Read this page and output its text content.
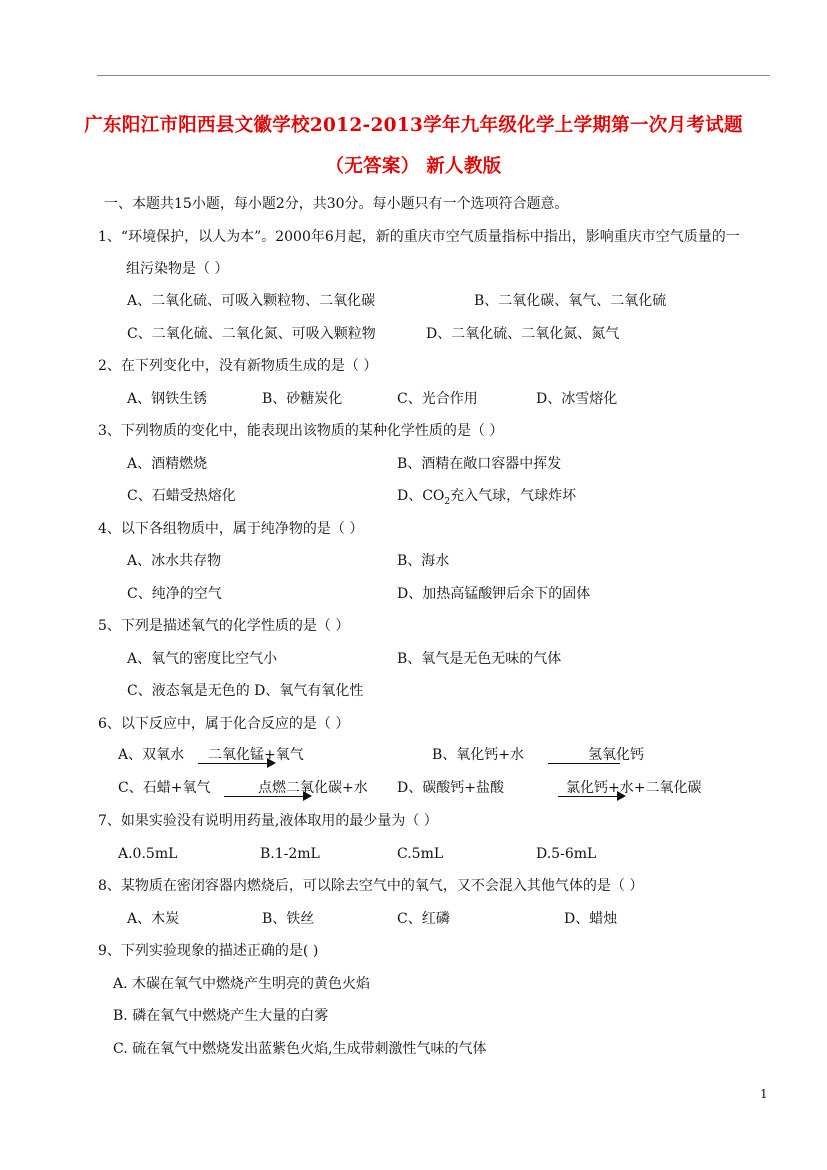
广东阳江市阳西县文徽学校2012-2013学年九年级化学上学期第一次月考试题
（无答案） 新人教版
一、本题共15小题，每小题2分，共30分。每小题只有一个选项符合题意。
1、“环境保护，以人为本”。2000年6月起，新的重庆市空气质量指标中指出，影响重庆市空气质量的一
组污染物是（ ）
A、二氧化硫、可吸入颗粒物、二氧化碳	B、二氧化碳、氧气、二氧化硫
C、二氧化硫、二氧化氮、可吸入颗粒物	D、二氧化硫、二氧化氮、氮气
2、在下列变化中，没有新物质生成的是（ ）
A、钢铁生锈	B、砂糖炭化	C、光合作用	D、冰雪熔化
3、下列物质的变化中，能表现出该物质的某种化学性质的是（ ）
A、酒精燃烧	B、酒精在敞口容器中挥发
C、石蜡受热熔化	D、$CO_2$充入气球，气球炸坏
4、以下各组物质中，属于纯净物的是（ ）
A、冰水共存物	B、海水
C、纯净的空气	D、加热高锰酸钾后余下的固体
5、下列是描述氧气的化学性质的是（ ）
A、氧气的密度比空气小	B、氧气是无色无味的气体
C、液态氧是无色的 D、氧气有氧化性
6、以下反应中，属于化合反应的是（ ）
A、双氧水 二氧化锰+氧气	B、氧化钙+水	氢氧化钙
C、石蜡+氧气	点燃二氧化碳+水 D、碳酸钙+盐酸	氯化钙+水+二氧化碳
7、如果实验没有说明用药量,液体取用的最少量为（ ）
A.0.5mL	B.1-2mL	C.5mL	D.5-6mL
8、某物质在密闭容器内燃烧后，可以除去空气中的氧气，又不会混入其他气体的是（ ）
A、木炭	B、铁丝	C、红磷	D、蜡烛
9、下列实验现象的描述正确的是( )
A. 木碳在氧气中燃烧产生明亮的黄色火焰
B. 磷在氧气中燃烧产生大量的白雾
C. 硫在氧气中燃烧发出蓝紫色火焰,生成带刺激性气味的气体
1
